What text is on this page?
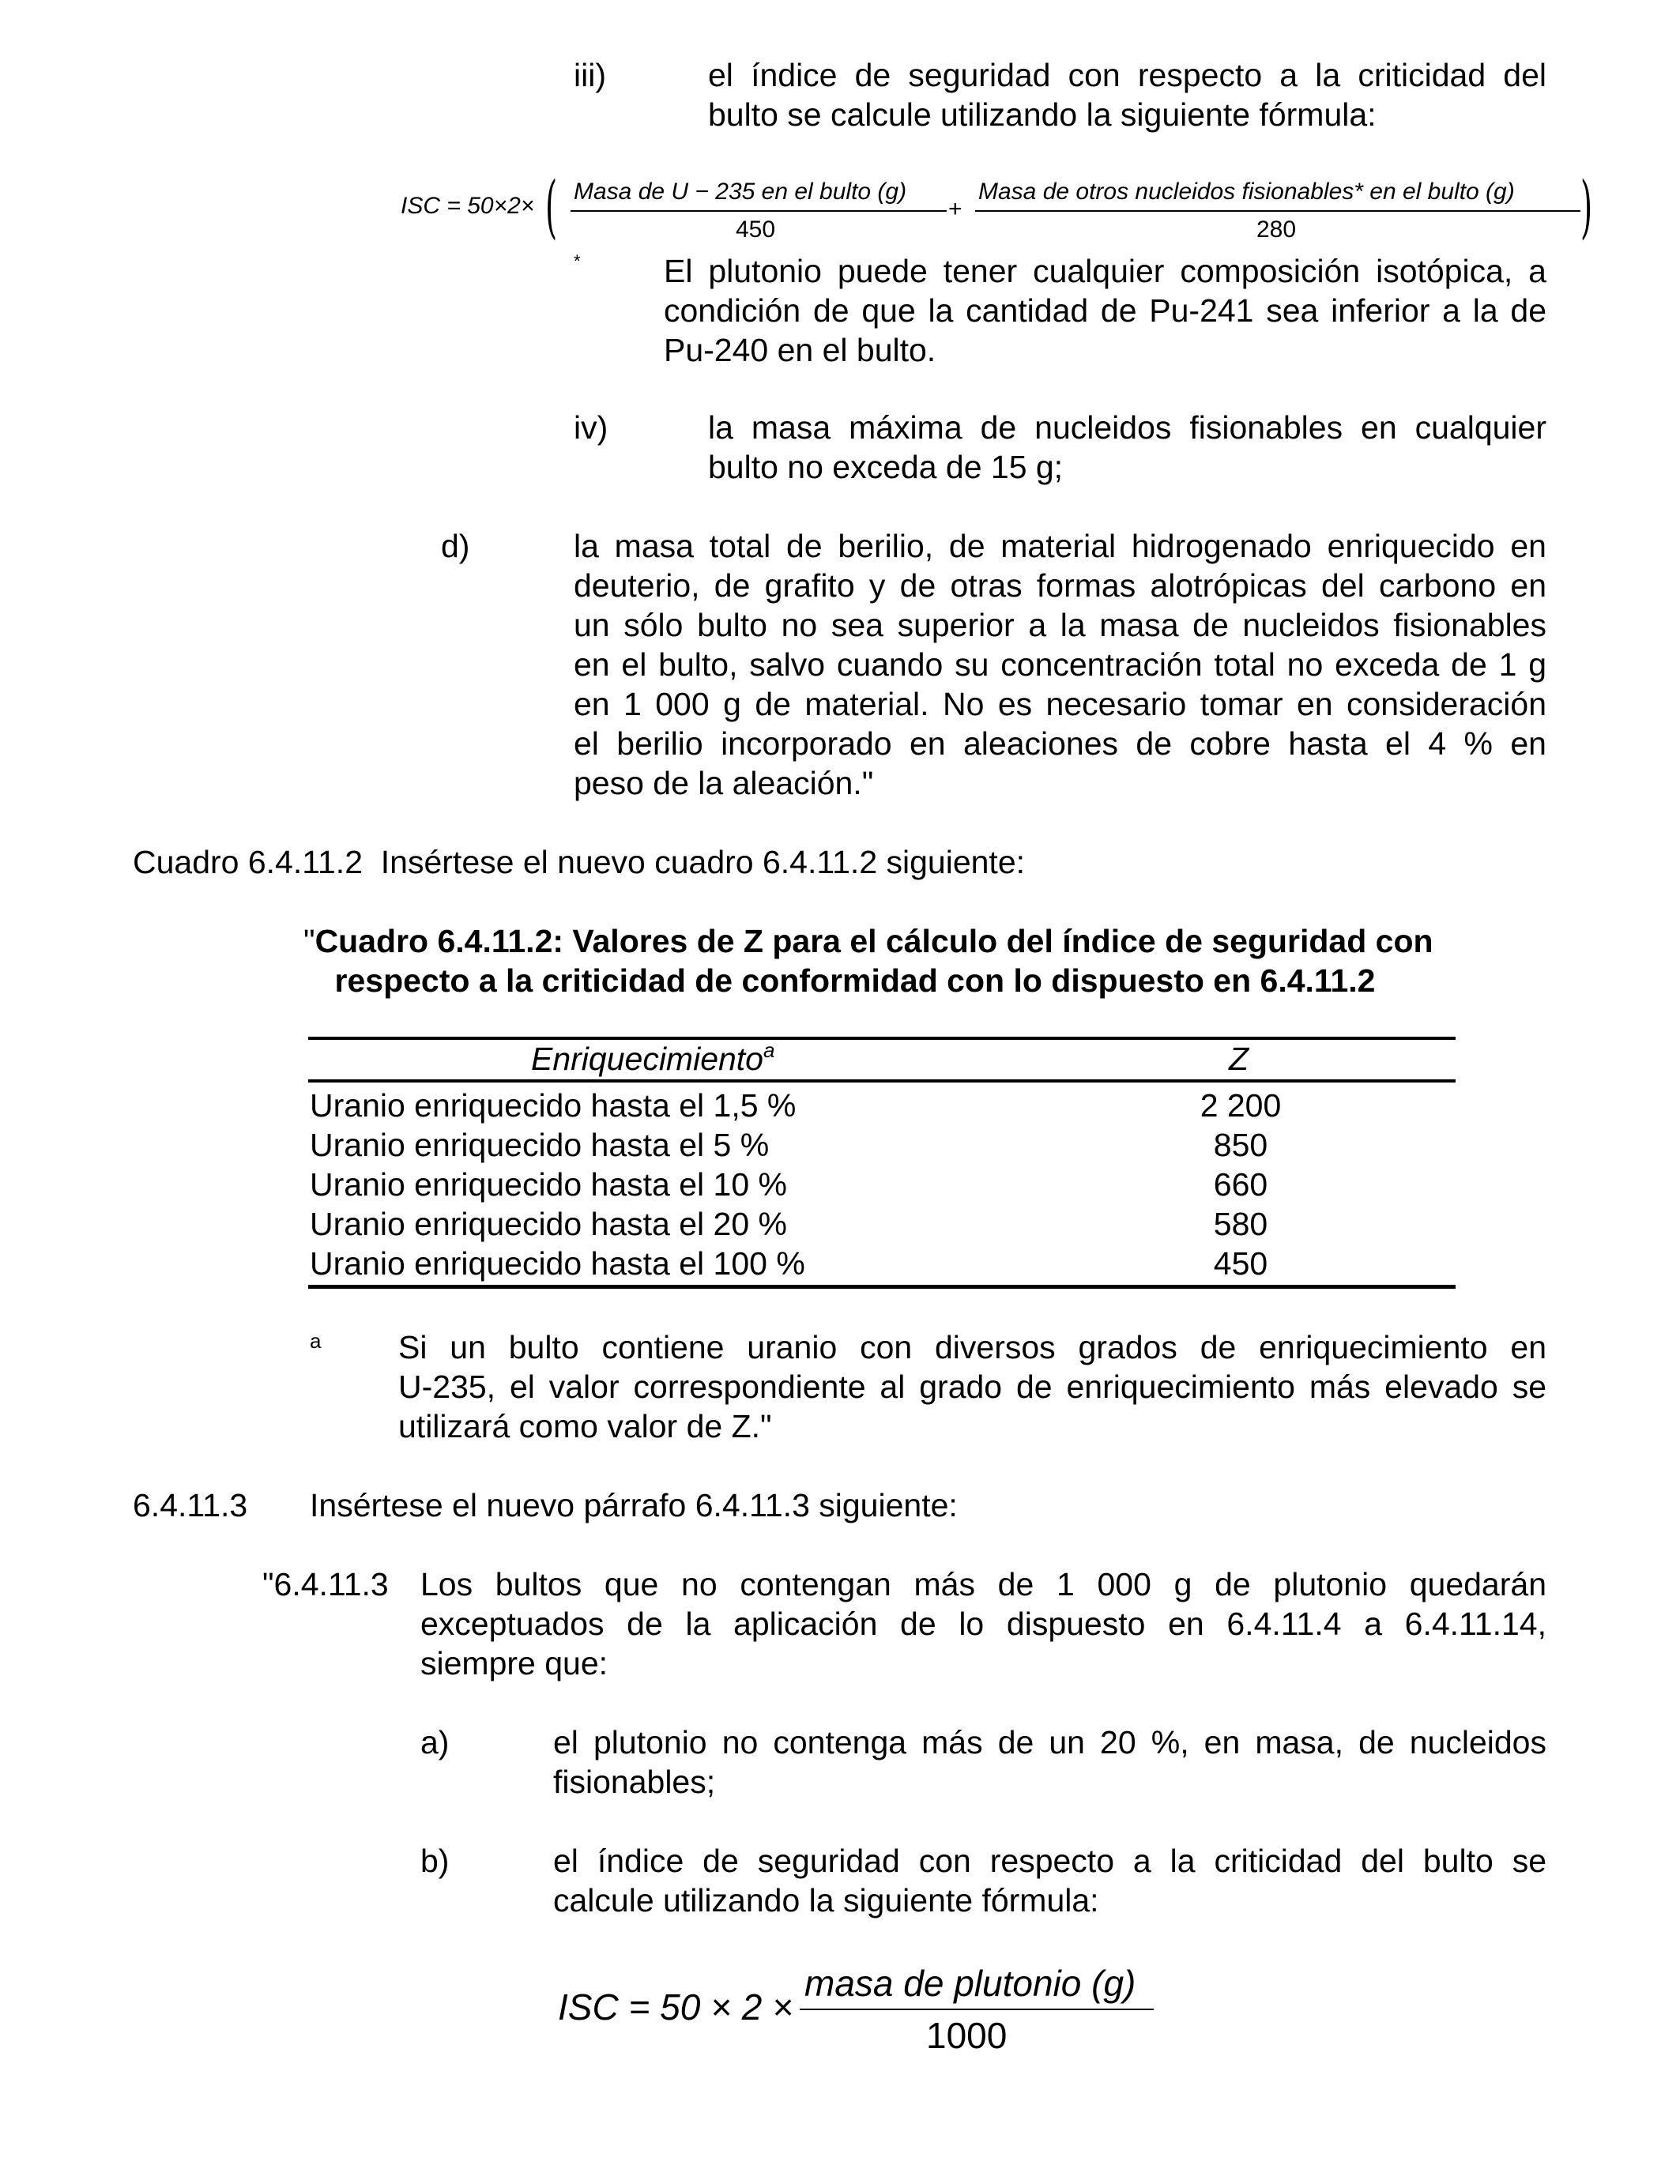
iii)	el índice de seguridad con respecto a la criticidad del
bulto se calcule utilizando la siguiente fórmula:
ISC = 50×2× ( Masa de U − 235 en el bulto (g)
450
+
Masa de otros nucleidos fisionables* en el bulto (g)
280	)
*	El plutonio puede tener cualquier composición isotópica, a
condición de que la cantidad de Pu-241 sea inferior a la de
Pu-240 en el bulto.
iv)	la masa máxima de nucleidos fisionables en cualquier
bulto no exceda de 15 g;
d)	la masa total de berilio, de material hidrogenado enriquecido en
deuterio, de grafito y de otras formas alotrópicas del carbono en
un sólo bulto no sea superior a la masa de nucleidos fisionables
en el bulto, salvo cuando su concentración total no exceda de 1 g
en 1 000 g de material. No es necesario tomar en consideración
el berilio incorporado en aleaciones de cobre hasta el 4 % en
peso de la aleación."
Cuadro 6.4.11.2  Insértese el nuevo cuadro 6.4.11.2 siguiente:
"Cuadro 6.4.11.2: Valores de Z para el cálculo del índice de seguridad con
respecto a la criticidad de conformidad con lo dispuesto en 6.4.11.2
Enriquecimiento$^a$	Z
Uranio enriquecido hasta el 1,5 %	2 200
Uranio enriquecido hasta el 5 %	850
Uranio enriquecido hasta el 10 %	660
Uranio enriquecido hasta el 20 %	580
Uranio enriquecido hasta el 100 %	450
a Si un bulto contiene uranio con diversos grados de enriquecimiento en
U-235, el valor correspondiente al grado de enriquecimiento más elevado se
utilizará como valor de Z."
6.4.11.3 Insértese el nuevo párrafo 6.4.11.3 siguiente:
"6.4.11.3 Los bultos que no contengan más de 1 000 g de plutonio quedarán
exceptuados de la aplicación de lo dispuesto en 6.4.11.4 a 6.4.11.14,
siempre que:
a)	el plutonio no contenga más de un 20 %, en masa, de nucleidos
fisionables;
b)	el índice de seguridad con respecto a la criticidad del bulto se
calcule utilizando la siguiente fórmula:
ISC = 50 × 2 ×
masa de plutonio (g)
1000
